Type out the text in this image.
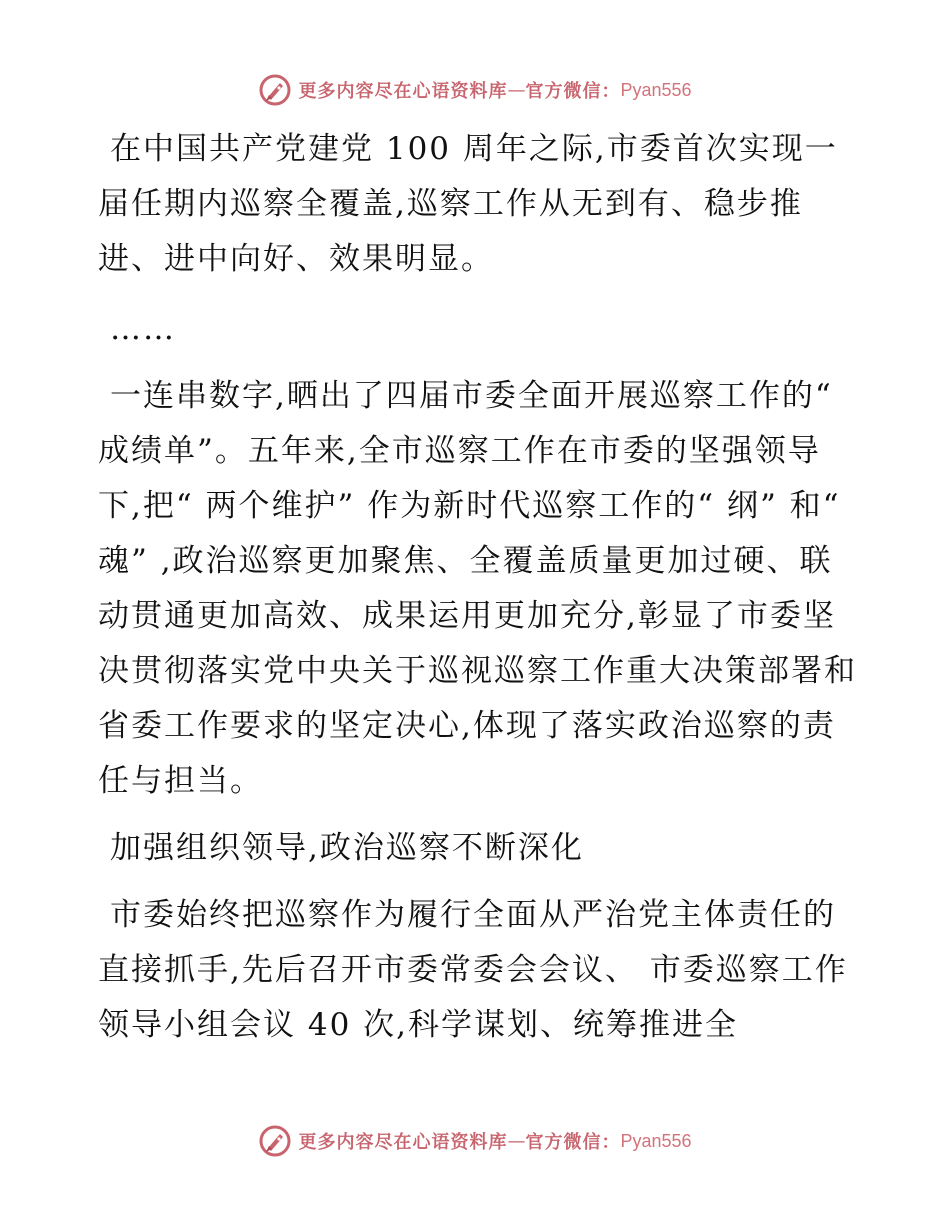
更多内容尽在心语资料库 — 官方微信： Pyan556

在中国共产党建党 100 周年之际,市委首次实现一届任期内巡察全覆盖,巡察工作从无到有、稳步推进、进中向好、效果明显。

……

一连串数字,晒出了四届市委全面开展巡察工作的“ 成绩单”。五年来,全市巡察工作在市委的坚强领导下,把“ 两个维护” 作为新时代巡察工作的“ 纲” 和“ 魂” ,政治巡察更加聚焦、全覆盖质量更加过硬、联动贯通更加高效、成果运用更加充分,彰显了市委坚决贯彻落实党中央关于巡视巡察工作重大决策部署和省委工作要求的坚定决心,体现了落实政治巡察的责任与担当。

加强组织领导,政治巡察不断深化

市委始终把巡察作为履行全面从严治党主体责任的直接抓手,先后召开市委常委会会议、 市委巡察工作领导小组会议 40 次,科学谋划、统筹推进全

更多内容尽在心语资料库 — 官方微信： Pyan556
